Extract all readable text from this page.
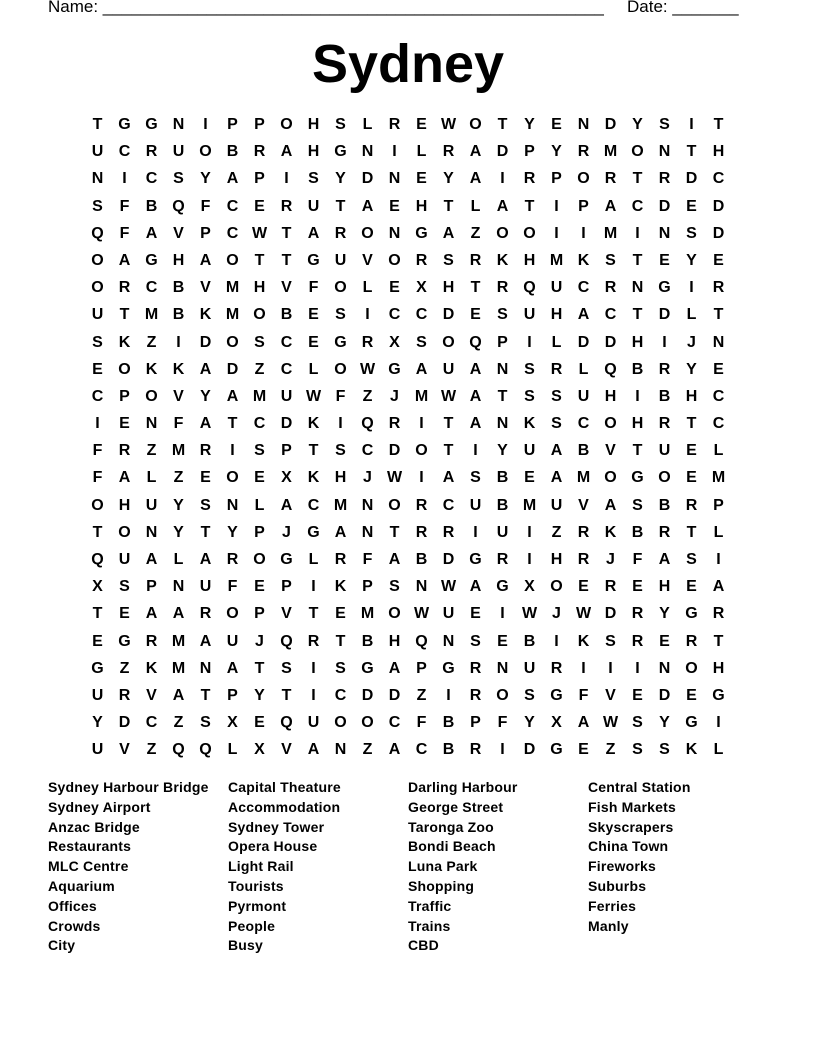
Name: _____________________________________________________ Date: _______
Sydney
T G G N	I	P	P O H S	L	R E W O T	Y	E N D Y	S	I	T
U C R U O B R A H G N	I	L	R A D P	Y R M O N	T	H
N	I	C S	Y A P	I	S	Y D N E	Y A	I	R P O R	T	R D C
S	F	B Q F	C E R U	T	A E H	T	L	A	T	I	P A C D E D
Q F	A V	P C W T	A R O N G A	Z O O	I	I	M	I	N S D
O A G H A O T	T G U V O R S R K H M K S	T	E	Y	E
O R C B V M H V	F O L	E	X H	T	R Q U C R N G	I	R
U	T M B K M O B E	S	I	C C D E	S U H A C	T	D	L	T
S K	Z	I	D O S C E G R X	S O Q P	I	L	D D H	I	J	N
E O K K A D	Z	C	L O W G A U A N S R	L Q B R Y	E
C P O V	Y A M U W F	Z	J M W A	T	S	S U H	I	B H C
I	E N	F	A	T	C D K	I	Q R	I	T	A N K S C O H R	T	C
F	R	Z M R	I	S	P	T	S C D O T	I	Y U A B V	T	U E	L
F	A	L	Z	E O E	X K H	J W	I	A S B E A M O G O E M
O H U Y	S N	L	A C M N O R C U B M U V A S B R P
T O N Y	T	Y	P	J	G A N	T	R R	I	U	I	Z	R K B R	T	L
Q U A	L	A R O G L	R	F	A B D G R	I	H R	J	F	A S	I
X	S	P N U	F	E	P	I	K P	S N W A G X O E R E H E A
T	E A A R O P	V	T	E M O W U E	I	W J W D R Y G R
E G R M A U	J	Q R	T	B H Q N S	E B	I	K S R E R	T
G Z	K M N A	T	S	I	S G A P G R N U R	I	I	I	N O H
U R V A	T	P	Y	T	I	C D D	Z	I	R O S G F	V	E D E G
Y D C	Z	S	X	E Q U O O C	F	B P	F	Y	X A W S	Y G	I
U V	Z Q Q L	X	V A N	Z	A C B R	I	D G E	Z	S	S K	L
Sydney Harbour Bridge
Sydney Airport
Anzac Bridge
Restaurants
MLC Centre
Aquarium
Offices
Crowds
City
Capital Theature
Accommodation
Sydney Tower
Opera House
Light Rail
Tourists
Pyrmont
People
Busy
Darling Harbour
George Street
Taronga Zoo
Bondi Beach
Luna Park
Shopping
Traffic
Trains
CBD
Central Station
Fish Markets
Skyscrapers
China Town
Fireworks
Suburbs
Ferries
Manly
